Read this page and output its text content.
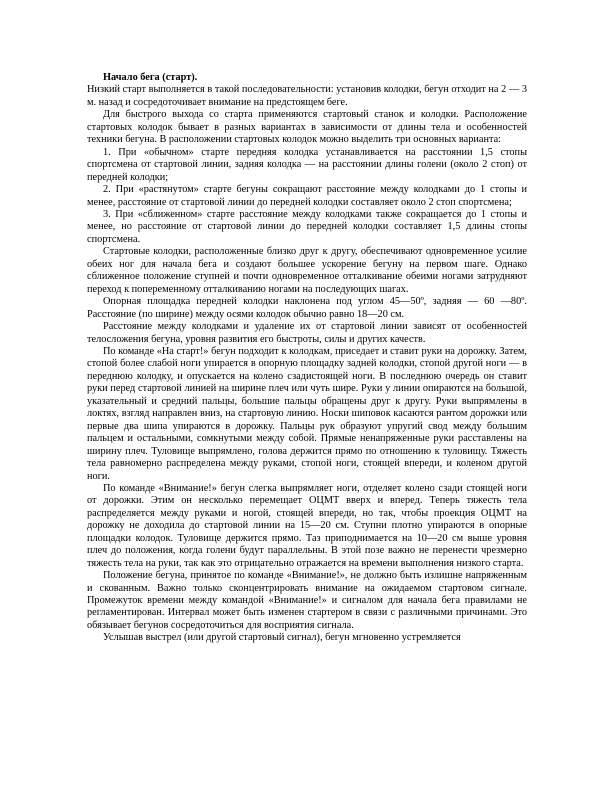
Начало бега (старт).

Низкий старт выполняется в такой последовательности: установив колодки, бегун отходит на 2 — 3 м. назад и сосредоточивает внимание на предстоящем беге.

Для быстрого выхода со старта применяются стартовый станок и колодки. Расположение стартовых колодок бывает в разных вариантах в зависимости от длины тела и особенностей техники бегуна. В расположении стартовых колодок можно выделить три основных варианта:

1. При «обычном» старте передняя колодка устанавливается на расстоянии 1,5 стопы спортсмена от стартовой линии, задняя колодка — на расстоянии длины голени (около 2 стоп) от передней колодки;

2. При «растянутом» старте бегуны сокращают расстояние между колодками до 1 стопы и менее, расстояние от стартовой линии до передней колодки составляет около 2 стоп спортсмена;

3. При «сближенном» старте расстояние между колодками также сокращается до 1 стопы и менее, но расстояние от стартовой линии до передней колодки составляет 1,5 длины стопы спортсмена.

Стартовые колодки, расположенные близко друг к другу, обеспечивают одновременное усилие обеих ног для начала бега и создают большее ускорение бегуну на первом шаге. Однако сближенное положение ступней и почти одновременное отталкивание обеими ногами затрудняют переход к попеременному отталкиванию ногами на последующих шагах.

Опорная площадка передней колодки наклонена под углом 45—50º, задняя — 60 —80º. Расстояние (по ширине) между осями колодок обычно равно 18—20 см.

Расстояние между колодками и удаление их от стартовой линии зависят от особенностей телосложения бегуна, уровня развития его быстроты, силы и других качеств.

По команде «На старт!» бегун подходит к колодкам, приседает и ставит руки на дорожку. Затем, стопой более слабой ноги упирается в опорную площадку задней колодки, стопой другой ноги — в переднюю колодку, и опускается на колено сзадистоящей ноги. В последнюю очередь он ставит руки перед стартовой линией на ширине плеч или чуть шире. Руки у линии опираются на большой, указательный и средний пальцы, большие пальцы обращены друг к другу. Руки выпрямлены в локтях, взгляд направлен вниз, на стартовую линию. Носки шиповок касаются рантом дорожки или первые два шипа упираются в дорожку. Пальцы рук образуют упругий свод между большим пальцем и остальными, сомкнутыми между собой. Прямые ненапряженные руки расставлены на ширину плеч. Туловище выпрямлено, голова держится прямо по отношению к туловищу. Тяжесть тела равномерно распределена между руками, стопой ноги, стоящей впереди, и коленом другой ноги.

По команде «Внимание!» бегун слегка выпрямляет ноги, отделяет колено сзади стоящей ноги от дорожки. Этим он несколько перемещает ОЦМТ вверх и вперед. Теперь тяжесть тела распределяется между руками и ногой, стоящей впереди, но так, чтобы проекция ОЦМТ на дорожку не доходила до стартовой линии на 15—20 см. Ступни плотно упираются в опорные площадки колодок. Туловище держится прямо. Таз приподнимается на 10—20 см выше уровня плеч до положения, когда голени будут параллельны. В этой позе важно не перенести чрезмерно тяжесть тела на руки, так как это отрицательно отражается на времени выполнения низкого старта.

Положение бегуна, принятое по команде «Внимание!», не должно быть излишне напряженным и скованным. Важно только сконцентрировать внимание на ожидаемом стартовом сигнале. Промежуток времени между командой «Внимание!» и сигналом для начала бега правилами не регламентирован. Интервал может быть изменен стартером в связи с различными причинами. Это обязывает бегунов сосредоточиться для восприятия сигнала.

Услышав выстрел (или другой стартовый сигнал), бегун мгновенно устремляется
